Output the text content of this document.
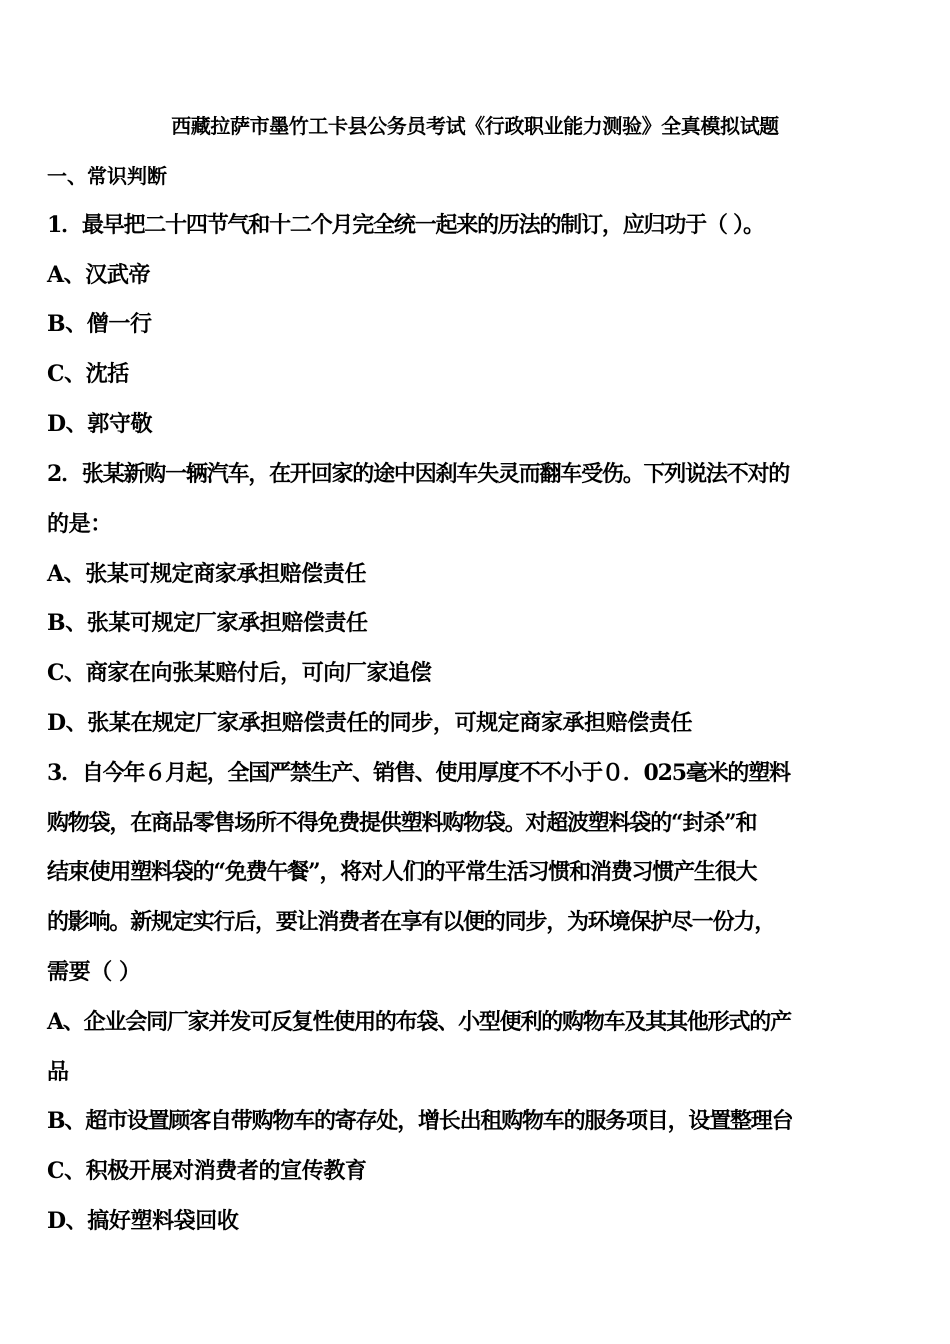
西藏拉萨市墨竹工卡县公务员考试《行政职业能力测验》全真模拟试题
一、常识判断
1．最早把二十四节气和十二个月完全统一起来的历法的制订，应归功于（ ）。
A、汉武帝
B、僧一行
C、沈括
D、郭守敬
2．张某新购一辆汽车，在开回家的途中因刹车失灵而翻车受伤。下列说法不对的
的是：
A、张某可规定商家承担赔偿责任
B、张某可规定厂家承担赔偿责任
C、商家在向张某赔付后，可向厂家追偿
D、张某在规定厂家承担赔偿责任的同步，可规定商家承担赔偿责任
3．自今年６月起，全国严禁生产、销售、使用厚度不不小于０．025毫米的塑料
购物袋，在商品零售场所不得免费提供塑料购物袋。对超波塑料袋的“封杀”和
结束使用塑料袋的“免费午餐”，将对人们的平常生活习惯和消费习惯产生很大
的影响。新规定实行后，要让消费者在享有以便的同步，为环境保护尽一份力，
需要（ ）
A、企业会同厂家并发可反复性使用的布袋、小型便利的购物车及其其他形式的产
品
B、超市设置顾客自带购物车的寄存处，增长出租购物车的服务项目，设置整理台
C、积极开展对消费者的宣传教育
D、搞好塑料袋回收
